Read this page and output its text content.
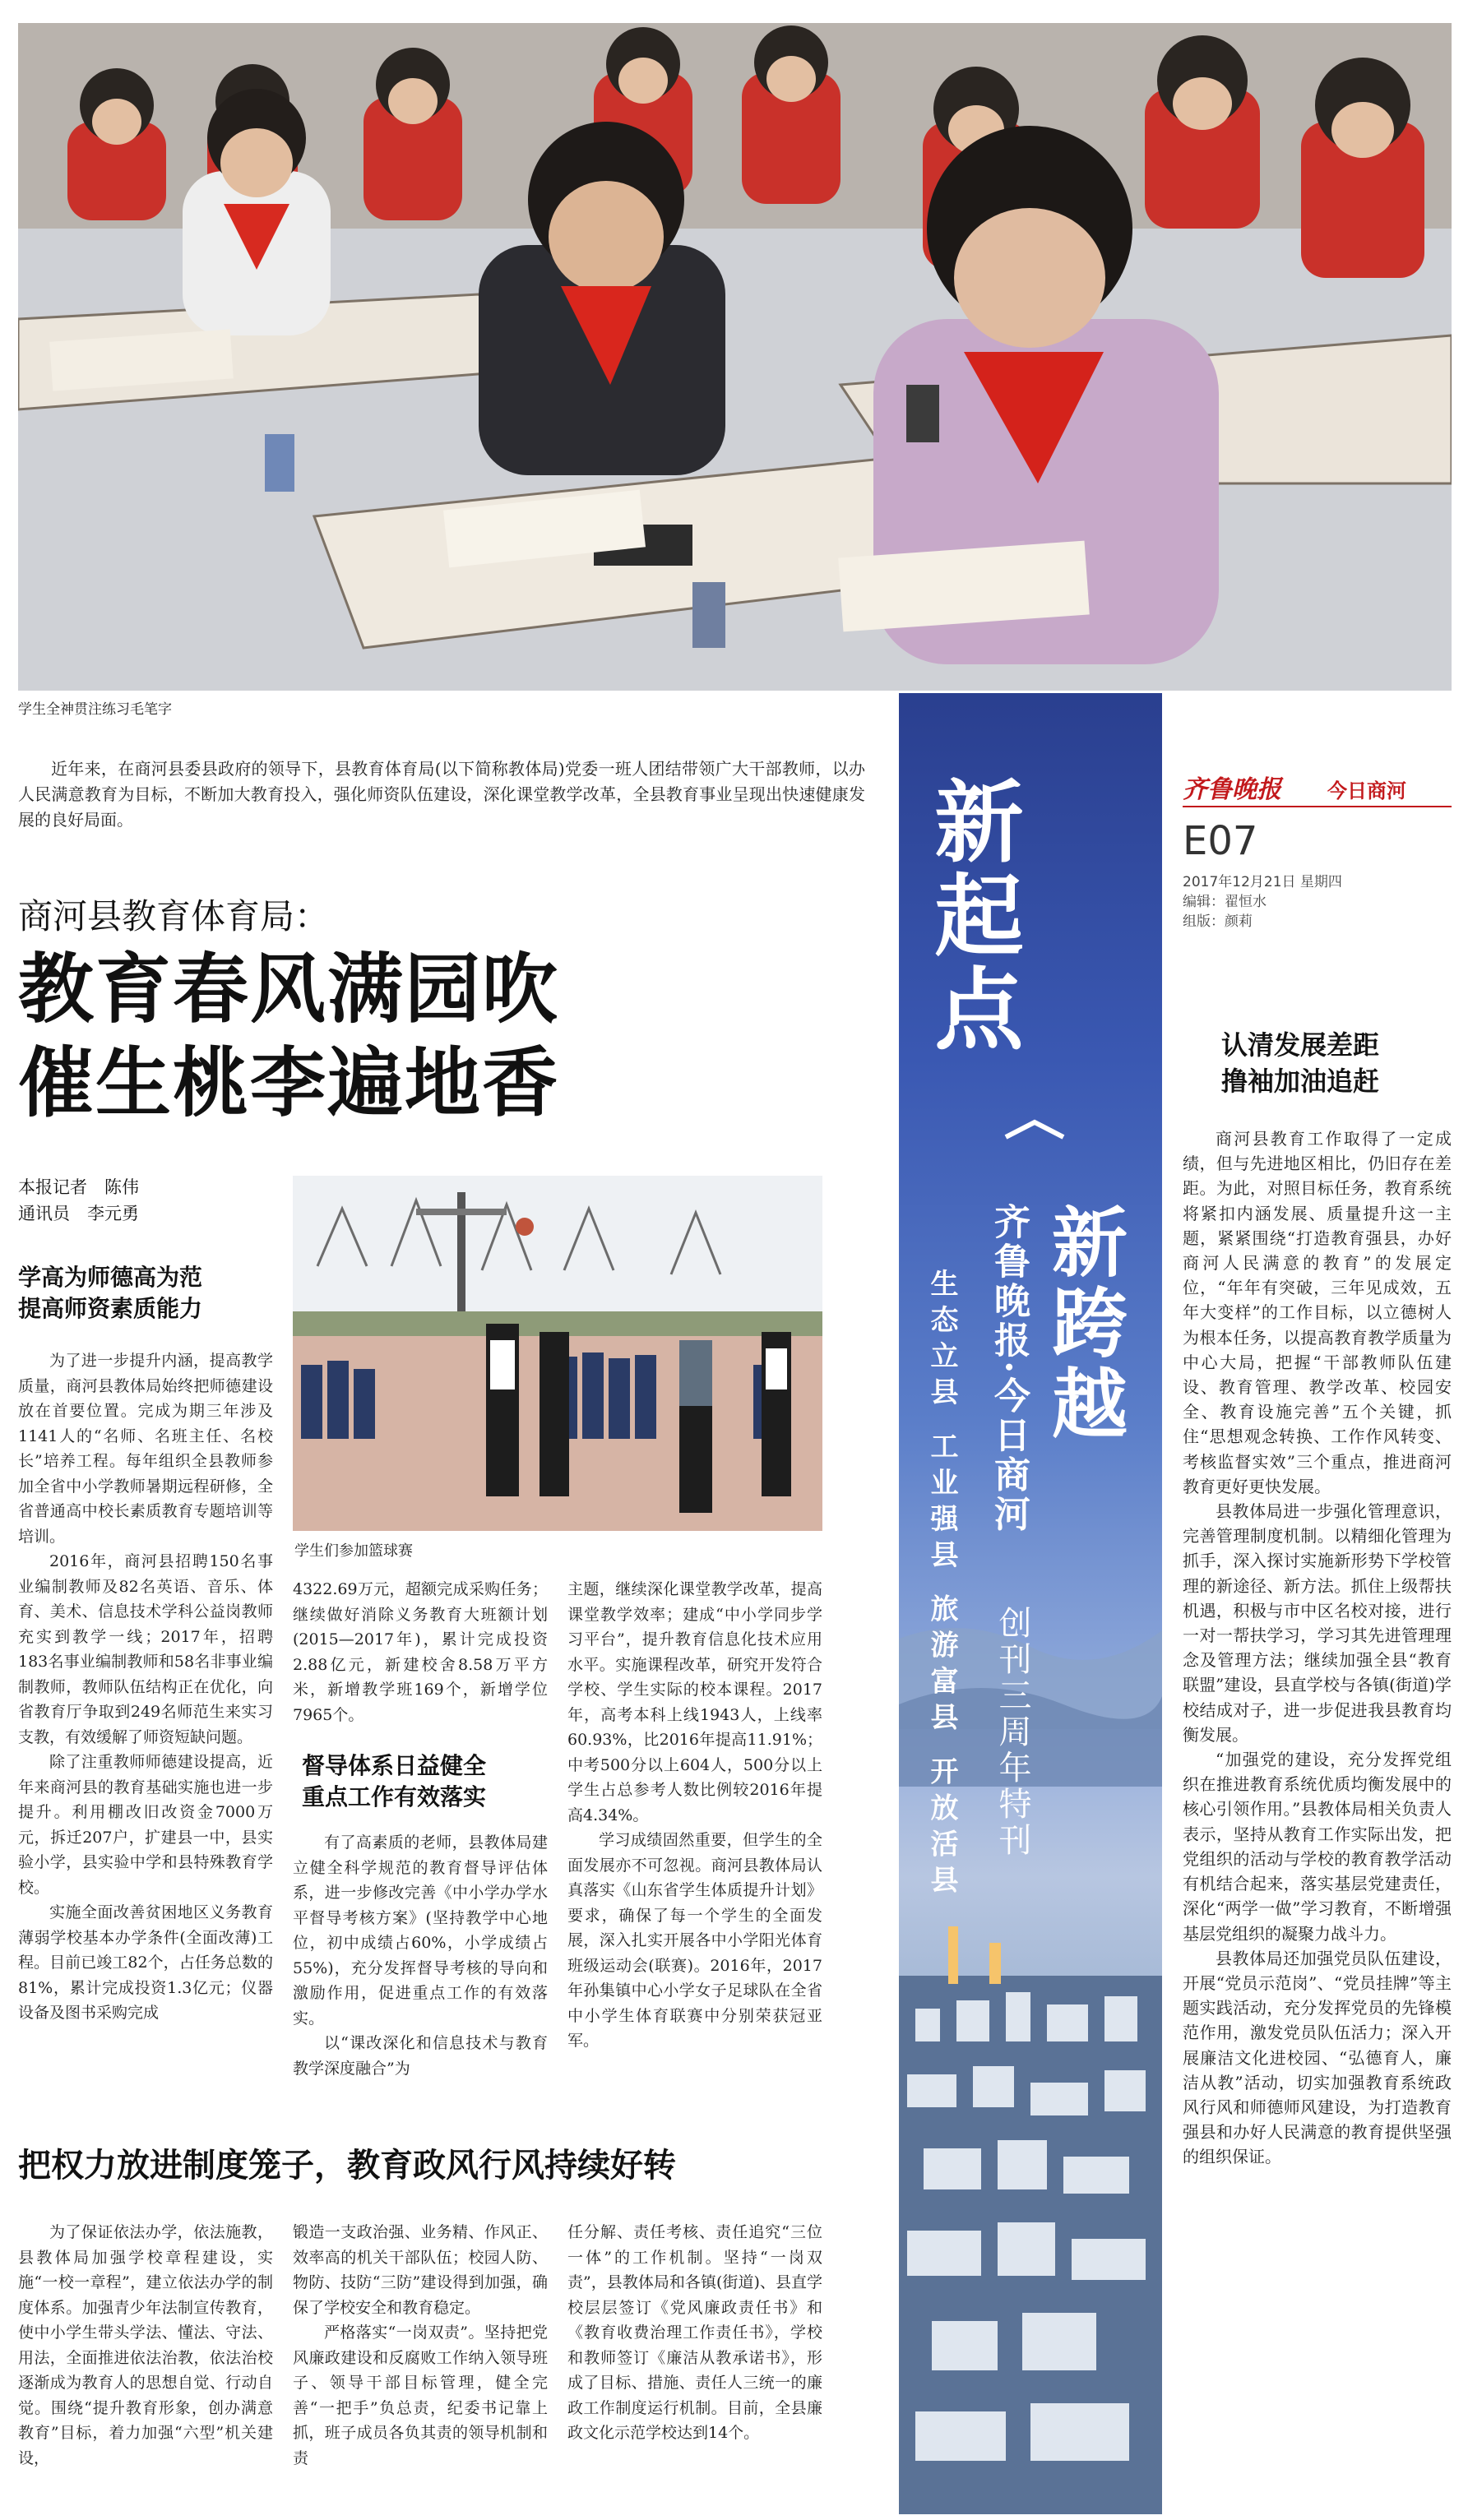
学生全神贯注练习毛笔字
近年来，在商河县委县政府的领导下，县教育体育局(以下简称教体局)党委一班人团结带领广大干部教师，以办人民满意教育为目标，不断加大教育投入，强化师资队伍建设，深化课堂教学改革，全县教育事业呈现出快速健康发展的良好局面。
商河县教育体育局：
教育春风满园吹
催生桃李遍地香
本报记者　陈伟
通讯员　李元勇
学高为师德高为范
提高师资素质能力

为了进一步提升内涵，提高教学质量，商河县教体局始终把师德建设放在首要位置。完成为期三年涉及1141人的“名师、名班主任、名校长”培养工程。每年组织全县教师参加全省中小学教师暑期远程研修，全省普通高中校长素质教育专题培训等培训。

2016年，商河县招聘150名事业编制教师及82名英语、音乐、体育、美术、信息技术学科公益岗教师充实到教学一线；2017年，招聘183名事业编制教师和58名非事业编制教师，教师队伍结构正在优化，向省教育厅争取到249名师范生来实习支教，有效缓解了师资短缺问题。

除了注重教师师德建设提高，近年来商河县的教育基础实施也进一步提升。利用棚改旧改资金7000万元，拆迁207户，扩建县一中，县实验小学，县实验中学和县特殊教育学校。

实施全面改善贫困地区义务教育薄弱学校基本办学条件(全面改薄)工程。目前已竣工82个，占任务总数的81%，累计完成投资1.3亿元；仪器设备及图书采购完成

学生们参加篮球赛

4322.69万元，超额完成采购任务；继续做好消除义务教育大班额计划(2015—2017年)，累计完成投资2.88亿元，新建校舍8.58万平方米，新增教学班169个，新增学位7965个。

督导体系日益健全
重点工作有效落实

有了高素质的老师，县教体局建立健全科学规范的教育督导评估体系，进一步修改完善《中小学办学水平督导考核方案》(坚持教学中心地位，初中成绩占60%，小学成绩占55%)，充分发挥督导考核的导向和激励作用，促进重点工作的有效落实。

以“课改深化和信息技术与教育教学深度融合”为

主题，继续深化课堂教学改革，提高课堂教学效率；建成“中小学同步学习平台”，提升教育信息化技术应用水平。实施课程改革，研究开发符合学校、学生实际的校本课程。2017年，高考本科上线1943人，上线率60.93%，比2016年提高11.91%；中考500分以上604人，500分以上学生占总参考人数比例较2016年提高4.34%。

学习成绩固然重要，但学生的全面发展亦不可忽视。商河县教体局认真落实《山东省学生体质提升计划》要求，确保了每一个学生的全面发展，深入扎实开展各中小学阳光体育班级运动会(联赛)。2016年，2017年孙集镇中心小学女子足球队在全省中小学生体育联赛中分别荣获冠亚军。

把权力放进制度笼子，教育政风行风持续好转

为了保证依法办学，依法施教，县教体局加强学校章程建设，实施“一校一章程”，建立依法办学的制度体系。加强青少年法制宣传教育，使中小学生带头学法、懂法、守法、用法，全面推进依法治教，依法治校逐渐成为教育人的思想自觉、行动自觉。围绕“提升教育形象，创办满意教育”目标，着力加强“六型”机关建设，

锻造一支政治强、业务精、作风正、效率高的机关干部队伍；校园人防、物防、技防“三防”建设得到加强，确保了学校安全和教育稳定。

严格落实“一岗双责”。坚持把党风廉政建设和反腐败工作纳入领导班子、领导干部目标管理，健全完善“一把手”负总责，纪委书记靠上抓，班子成员各负其责的领导机制和责

任分解、责任考核、责任追究“三位一体”的工作机制。坚持“一岗双责”，县教体局和各镇(街道)、县直学校层层签订《党风廉政责任书》和《教育收费治理工作责任书》，学校和教师签订《廉洁从教承诺书》，形成了目标、措施、责任人三统一的廉政工作制度运行机制。目前，全县廉政文化示范学校达到14个。

新起点
新跨越
齐鲁晚报·今日商河
创刊三周年特刊
生态立县 工业强县 旅游富县 开放活县
齐鲁晚报 今日商河
E07
2017年12月21日 星期四
编辑：翟恒水
组版：颜莉
认清发展差距
撸袖加油追赶

商河县教育工作取得了一定成绩，但与先进地区相比，仍旧存在差距。为此，对照目标任务，教育系统将紧扣内涵发展、质量提升这一主题，紧紧围绕“打造教育强县，办好商河人民满意的教育”的发展定位，“年年有突破，三年见成效，五年大变样”的工作目标，以立德树人为根本任务，以提高教育教学质量为中心大局，把握“干部教师队伍建设、教育管理、教学改革、校园安全、教育设施完善”五个关键，抓住“思想观念转换、工作作风转变、考核监督实效”三个重点，推进商河教育更好更快发展。

县教体局进一步强化管理意识，完善管理制度机制。以精细化管理为抓手，深入探讨实施新形势下学校管理的新途径、新方法。抓住上级帮扶机遇，积极与市中区名校对接，进行一对一帮扶学习，学习其先进管理理念及管理方法；继续加强全县“教育联盟”建设，县直学校与各镇(街道)学校结成对子，进一步促进我县教育均衡发展。

“加强党的建设，充分发挥党组织在推进教育系统优质均衡发展中的核心引领作用。”县教体局相关负责人表示，坚持从教育工作实际出发，把党组织的活动与学校的教育教学活动有机结合起来，落实基层党建责任，深化“两学一做”学习教育，不断增强基层党组织的凝聚力战斗力。

县教体局还加强党员队伍建设，开展“党员示范岗”、“党员挂牌”等主题实践活动，充分发挥党员的先锋模范作用，激发党员队伍活力；深入开展廉洁文化进校园、“弘德育人，廉洁从教”活动，切实加强教育系统政风行风和师德师风建设，为打造教育强县和办好人民满意的教育提供坚强的组织保证。
